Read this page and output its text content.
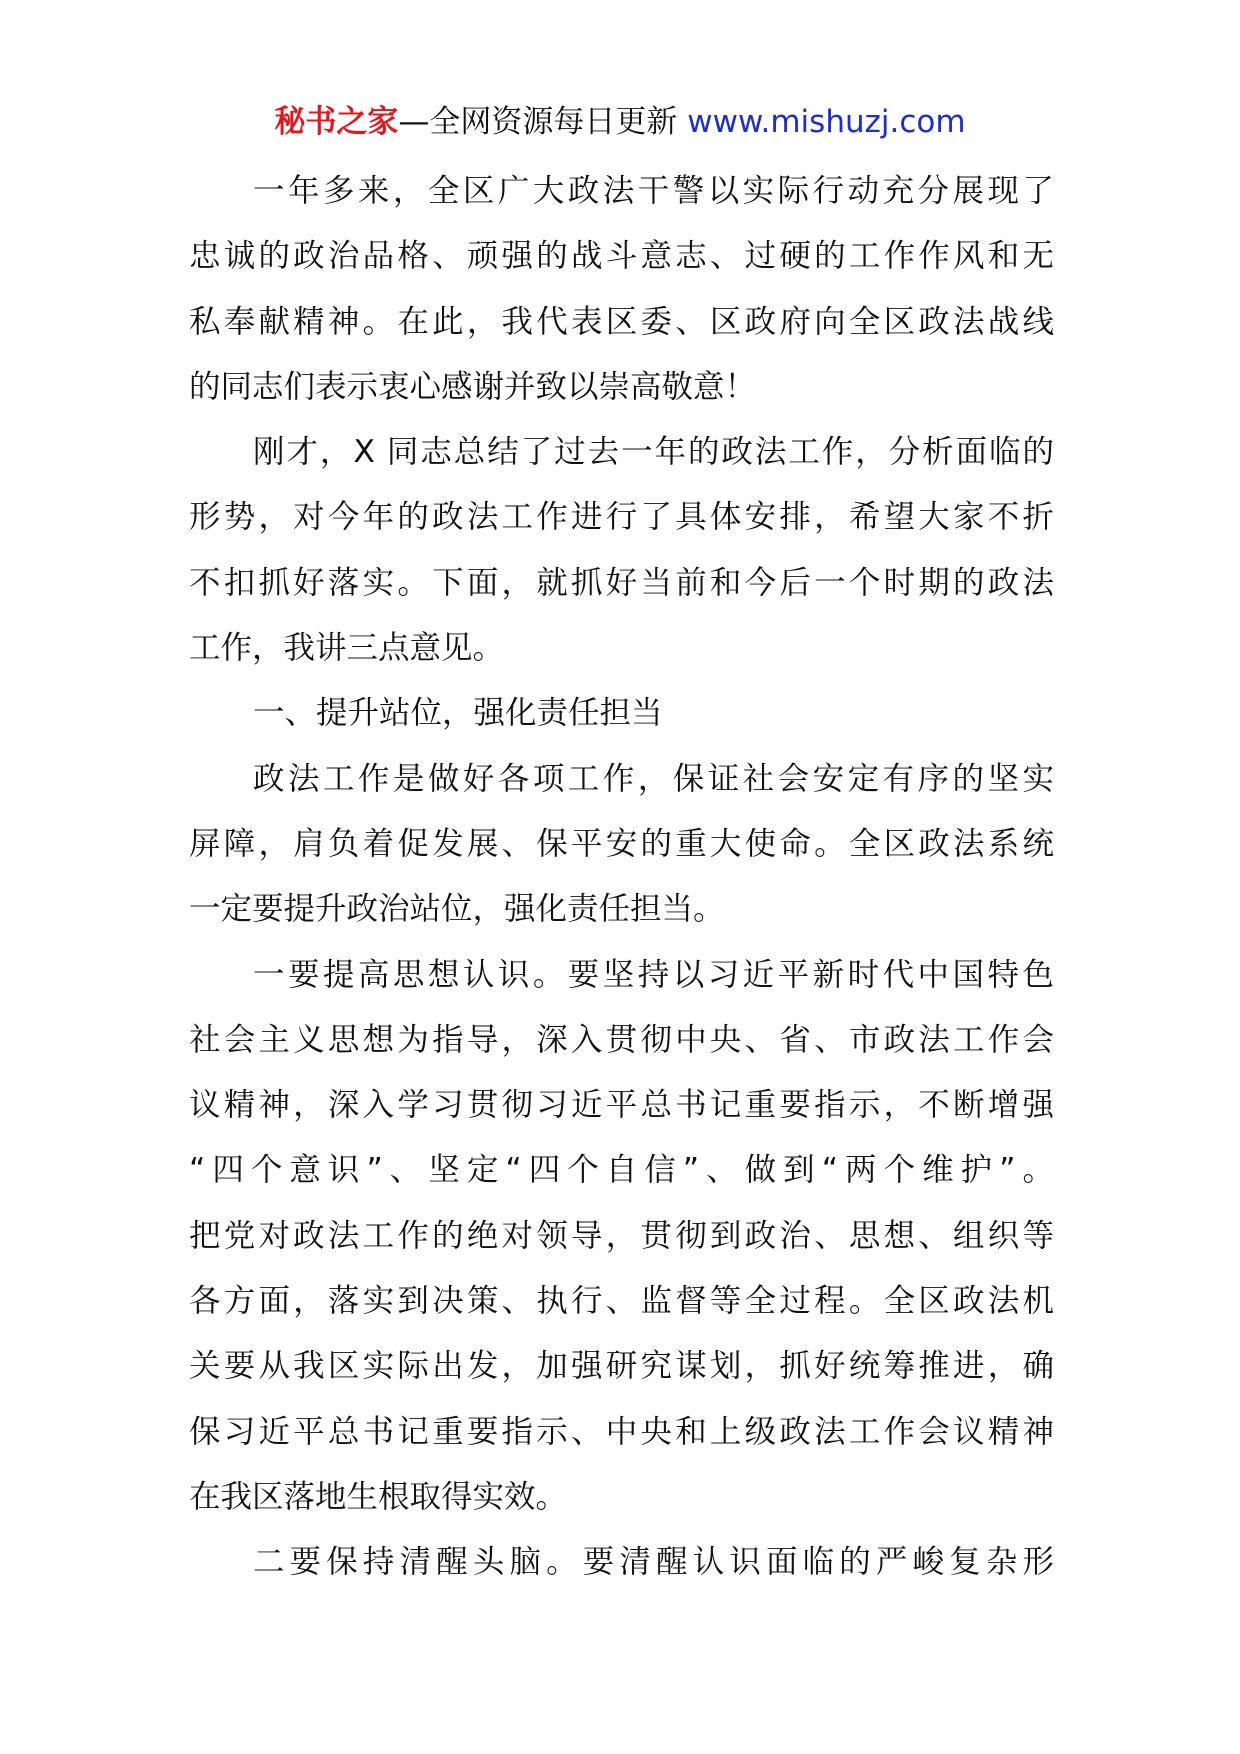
秘书之家—全网资源每日更新 www.mishuzj.com
一年多来，全区广大政法干警以实际行动充分展现了
忠诚的政治品格、顽强的战斗意志、过硬的工作作风和无
私奉献精神。在此，我代表区委、区政府向全区政法战线
的同志们表示衷心感谢并致以崇高敬意！
刚才，X 同志总结了过去一年的政法工作，分析面临的
形势，对今年的政法工作进行了具体安排，希望大家不折
不扣抓好落实。下面，就抓好当前和今后一个时期的政法
工作，我讲三点意见。
一、提升站位，强化责任担当
政法工作是做好各项工作，保证社会安定有序的坚实
屏障，肩负着促发展、保平安的重大使命。全区政法系统
一定要提升政治站位，强化责任担当。
一要提高思想认识。要坚持以习近平新时代中国特色
社会主义思想为指导，深入贯彻中央、省、市政法工作会
议精神，深入学习贯彻习近平总书记重要指示，不断增强
“四个意识”、坚定“四个自信”、做到“两个维护”。
把党对政法工作的绝对领导，贯彻到政治、思想、组织等
各方面，落实到决策、执行、监督等全过程。全区政法机
关要从我区实际出发，加强研究谋划，抓好统筹推进，确
保习近平总书记重要指示、中央和上级政法工作会议精神
在我区落地生根取得实效。
二要保持清醒头脑。要清醒认识面临的严峻复杂形
